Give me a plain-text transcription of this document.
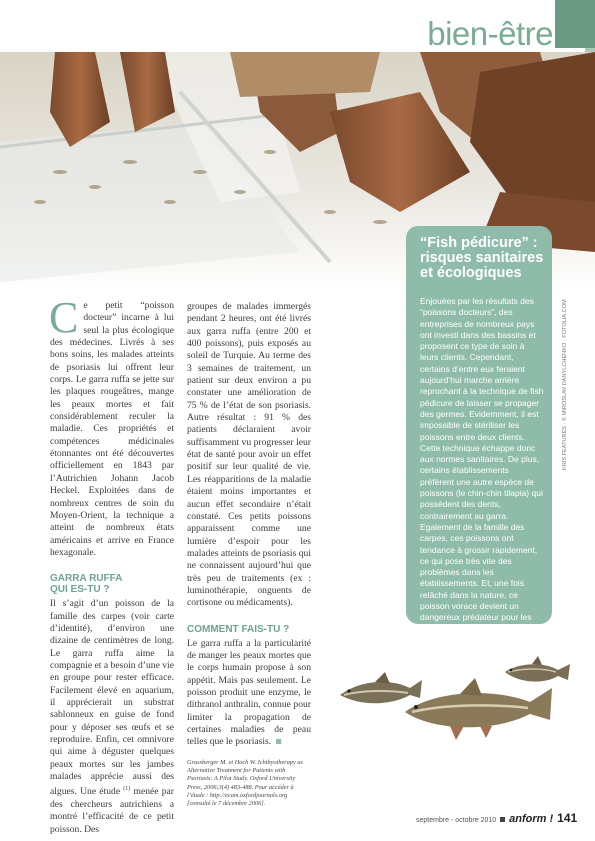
bien-être
“Fish pédicure” : risques sanitaires et écologiques
Enjouées par les résultats des “poissons docteurs”, des entreprises de nombreux pays ont investi dans des bassins et proposent ce type de soin à leurs clients. Cependant, certains d’entre eux feraient aujourd’hui marche arrière reprochant à la technique de fish pédicure de laisser se propager des germes. Evidemment, il est impossible de stériliser les poissons entre deux clients. Cette technique échappe donc aux normes sanitaires. De plus, certains établissements préfèrent une autre espèce de poissons (le chin-chin tilapia) qui possèdent des dents, contrairement au garra. Egalement de la famille des carpes, ces poissons ont tendance à grossir rapidement, ce qui pose très vite des problèmes dans les établissements. Et, une fois relâché dans la nature, ce poisson vorace devient un dangereux prédateur pour les autres espèces.
KRIS FEATURES · © MIROSLAV DANYLCHENKO · FOTOLIA.COM

Ce petit “poisson docteur” incarne à lui seul la plus écologique des médecines. Livrés à ses bons soins, les malades atteints de psoriasis lui offrent leur corps. Le garra ruffa se jette sur les plaques rougeâtres, mange les peaux mortes et fait considérablement reculer la maladie. Ces propriétés et compétences médicinales étonnantes ont été découvertes officiellement en 1843 par l’Autrichien Johann Jacob Heckel. Exploitées dans de nombreux centres de soin du Moyen-Orient, la technique a atteint de nombreux états américains et arrive en France hexagonale.

GARRA RUFFA
QUI ES-TU ?

Il s’agit d’un poisson de la famille des carpes (voir carte d’identité), d’environ une dizaine de centimètres de long. Le garra ruffa aime la compagnie et a besoin d’une vie en groupe pour rester efficace. Facilement élevé en aquarium, il apprécierait un substrat sablonneux en guise de fond pour y déposer ses œufs et se reproduire. Enfin, cet omnivore qui aime à déguster quelques peaux mortes sur les jambes malades apprécie aussi des algues. Une étude $^{(1)}$ menée par des chercheurs autrichiens a montré l’efficacité de ce petit poisson. Des

groupes de malades immergés pendant 2 heures, ont été livrés aux garra ruffa (entre 200 et 400 poissons), puis exposés au soleil de Turquie. Au terme des 3 semaines de traitement, un patient sur deux environ a pu constater une amélioration de 75 % de l’état de son psoriasis. Autre résultat : 91 % des patients déclaraient avoir suffisamment vu progresser leur état de santé pour avoir un effet positif sur leur qualité de vie. Les réapparitions de la maladie étaient moins importantes et aucun effet secondaire n’était constaté. Ces petits poissons apparaissent comme une lumière d’espoir pour les malades atteints de psoriasis qui ne connaissent aujourd’hui que très peu de traitements (ex : luminothérapie, onguents de cortisone ou médicaments).

COMMENT FAIS-TU ?

Le garra ruffa a la particularité de manger les peaux mortes que le corps humain propose à son appétit. Mais pas seulement. Le poisson produit une enzyme, le dithranol anthralin, connue pour limiter la propagation de certaines maladies de peau telles que le psoriasis.

Grassberger M. et Hoch W. Ichthyotherapy as Alternative Treatment for Patients with Psoriasis: A Pilot Study. Oxford University Press, 2006;3(4) 483-488. Pour accéder à l’étude : http://ecam.oxfordjournals.org [consulté le 7 décembre 2006].

septembre - octobre 2010 anform ! 141
